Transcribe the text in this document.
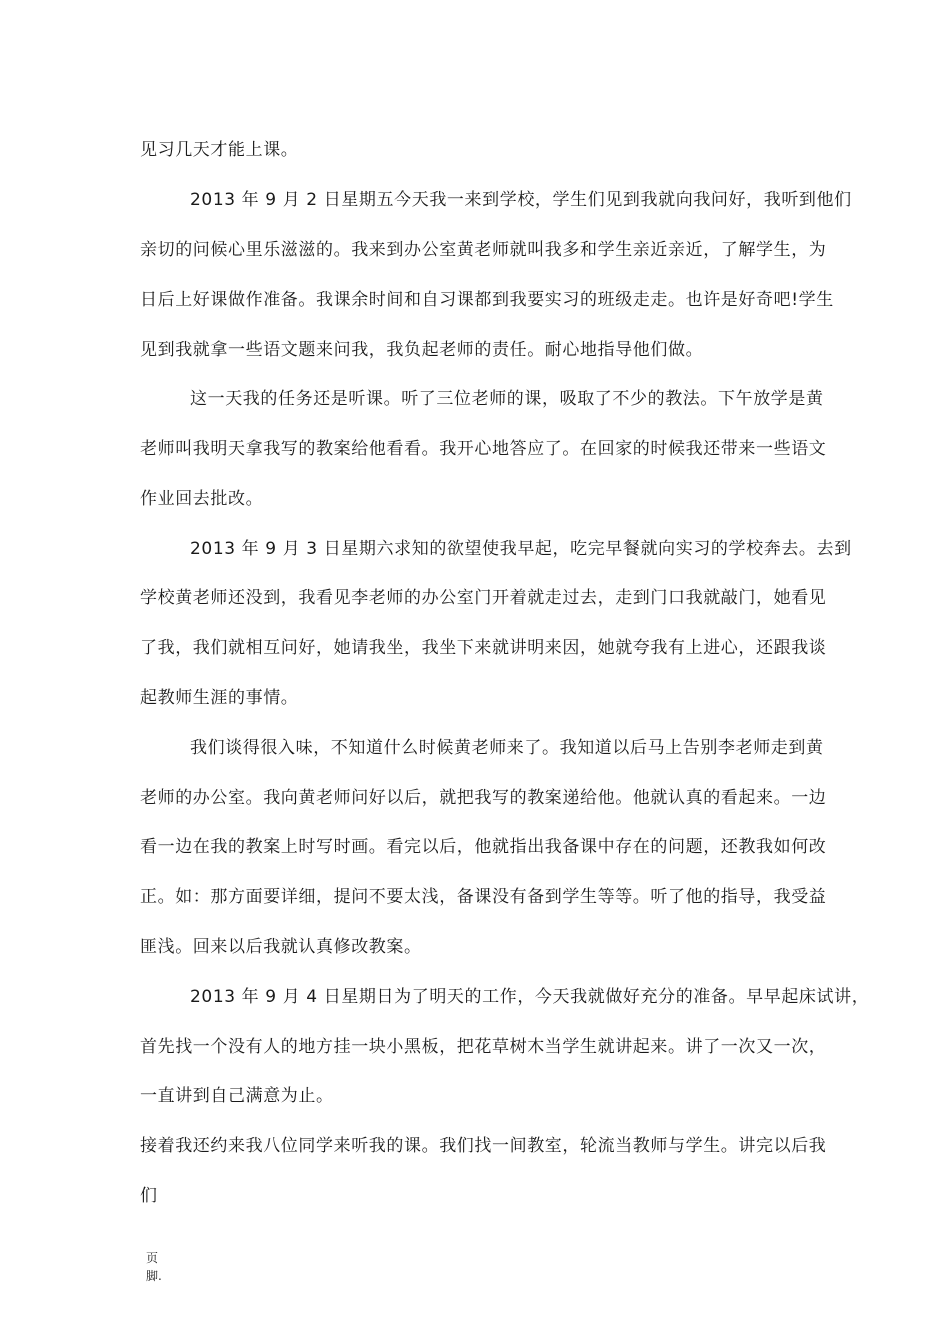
见习几天才能上课。
2013 年 9 月 2 日星期五今天我一来到学校，学生们见到我就向我问好，我听到他们
亲切的问候心里乐滋滋的。我来到办公室黄老师就叫我多和学生亲近亲近，了解学生，为
日后上好课做作准备。我课余时间和自习课都到我要实习的班级走走。也许是好奇吧!学生
见到我就拿一些语文题来问我，我负起老师的责任。耐心地指导他们做。
这一天我的任务还是听课。听了三位老师的课，吸取了不少的教法。下午放学是黄
老师叫我明天拿我写的教案给他看看。我开心地答应了。在回家的时候我还带来一些语文
作业回去批改。
2013 年 9 月 3 日星期六求知的欲望使我早起，吃完早餐就向实习的学校奔去。去到
学校黄老师还没到，我看见李老师的办公室门开着就走过去，走到门口我就敲门，她看见
了我，我们就相互问好，她请我坐，我坐下来就讲明来因，她就夸我有上进心，还跟我谈
起教师生涯的事情。
我们谈得很入味，不知道什么时候黄老师来了。我知道以后马上告别李老师走到黄
老师的办公室。我向黄老师问好以后，就把我写的教案递给他。他就认真的看起来。一边
看一边在我的教案上时写时画。看完以后，他就指出我备课中存在的问题，还教我如何改
正。如：那方面要详细，提问不要太浅，备课没有备到学生等等。听了他的指导，我受益
匪浅。回来以后我就认真修改教案。
2013 年 9 月 4 日星期日为了明天的工作，今天我就做好充分的准备。早早起床试讲，
首先找一个没有人的地方挂一块小黑板，把花草树木当学生就讲起来。讲了一次又一次，
一直讲到自己满意为止。
接着我还约来我八位同学来听我的课。我们找一间教室，轮流当教师与学生。讲完以后我
们
页
脚.
